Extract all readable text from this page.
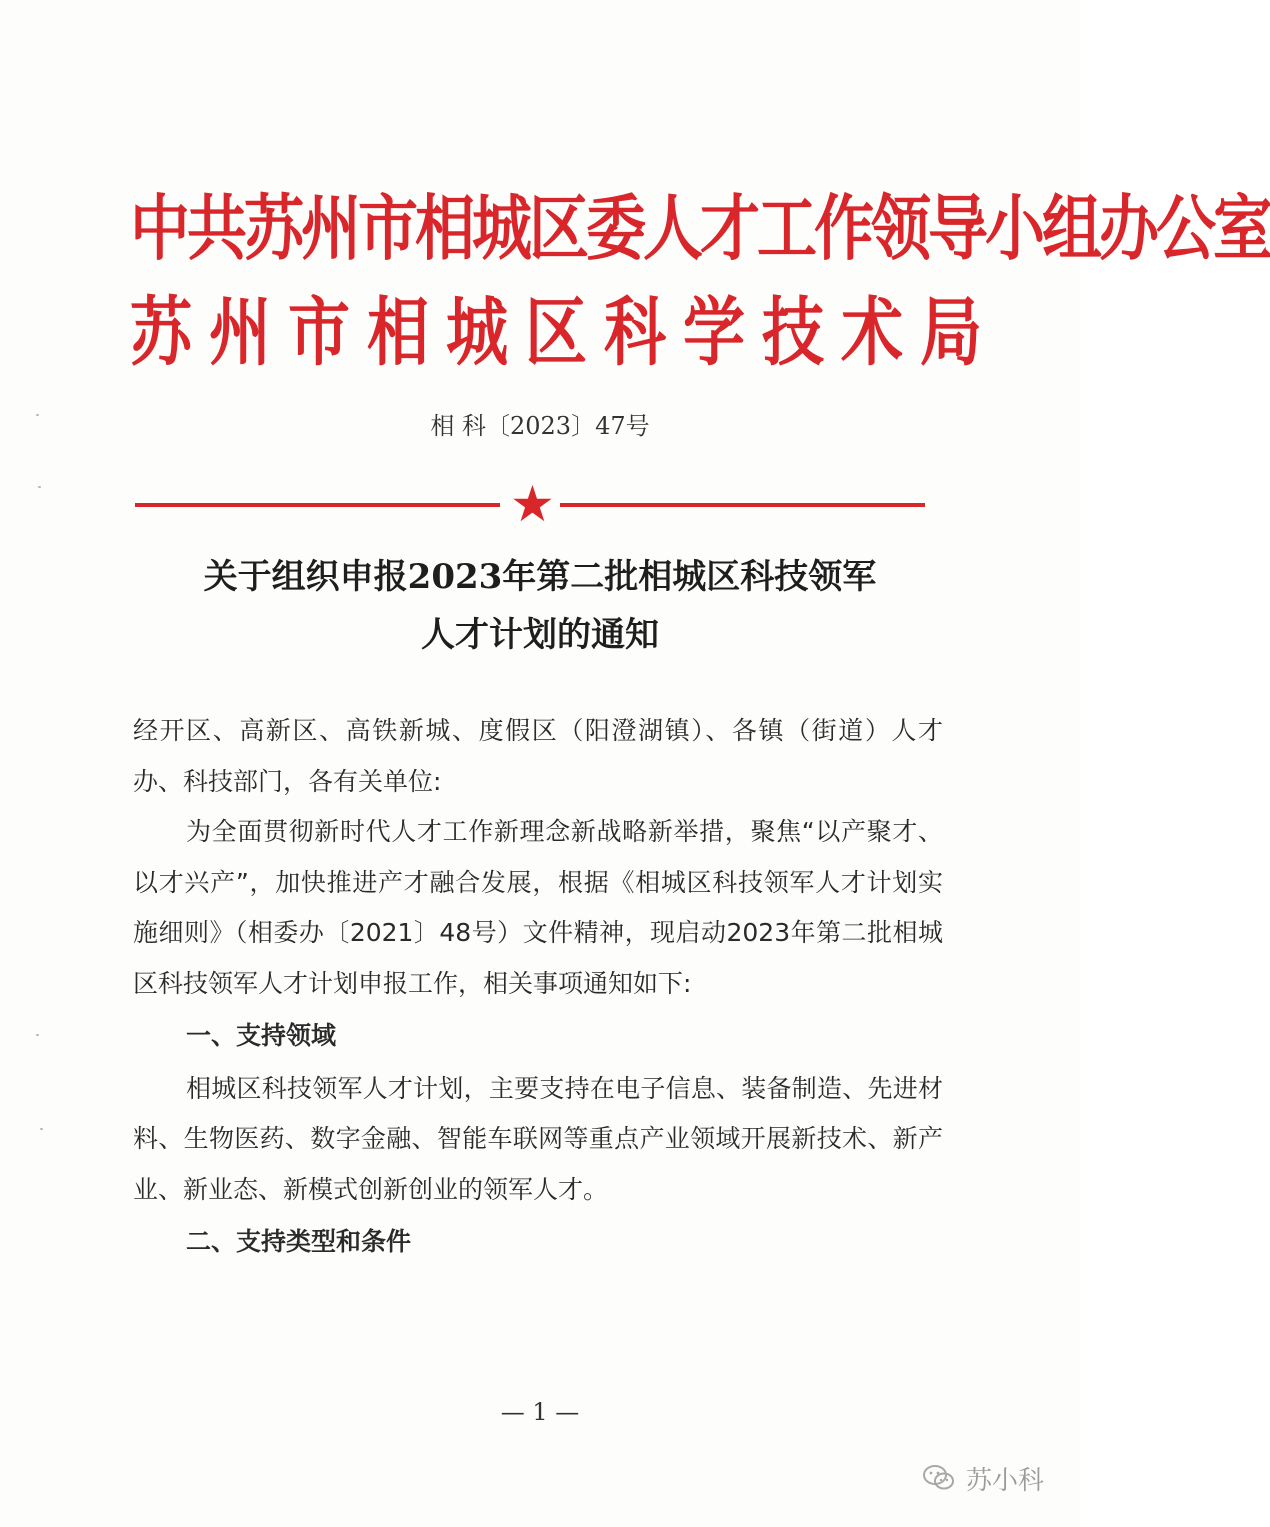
中共苏州市相城区委人才工作领导小组办公室
苏州市相城区科学技术局
相 科〔2023〕47号
★
关于组织申报2023年第二批相城区科技领军
人才计划的通知

经开区、高新区、高铁新城、度假区（阳澄湖镇）、各镇（街道）人才办、科技部门，各有关单位:

为全面贯彻新时代人才工作新理念新战略新举措，聚焦“以产聚才、以才兴产”，加快推进产才融合发展，根据《相城区科技领军人才计划实施细则》（相委办〔2021〕48号）文件精神，现启动2023年第二批相城区科技领军人才计划申报工作，相关事项通知如下:

一、支持领域

相城区科技领军人才计划，主要支持在电子信息、装备制造、先进材料、生物医药、数字金融、智能车联网等重点产业领域开展新技术、新产业、新业态、新模式创新创业的领军人才。

二、支持类型和条件

— 1 —
苏小科
